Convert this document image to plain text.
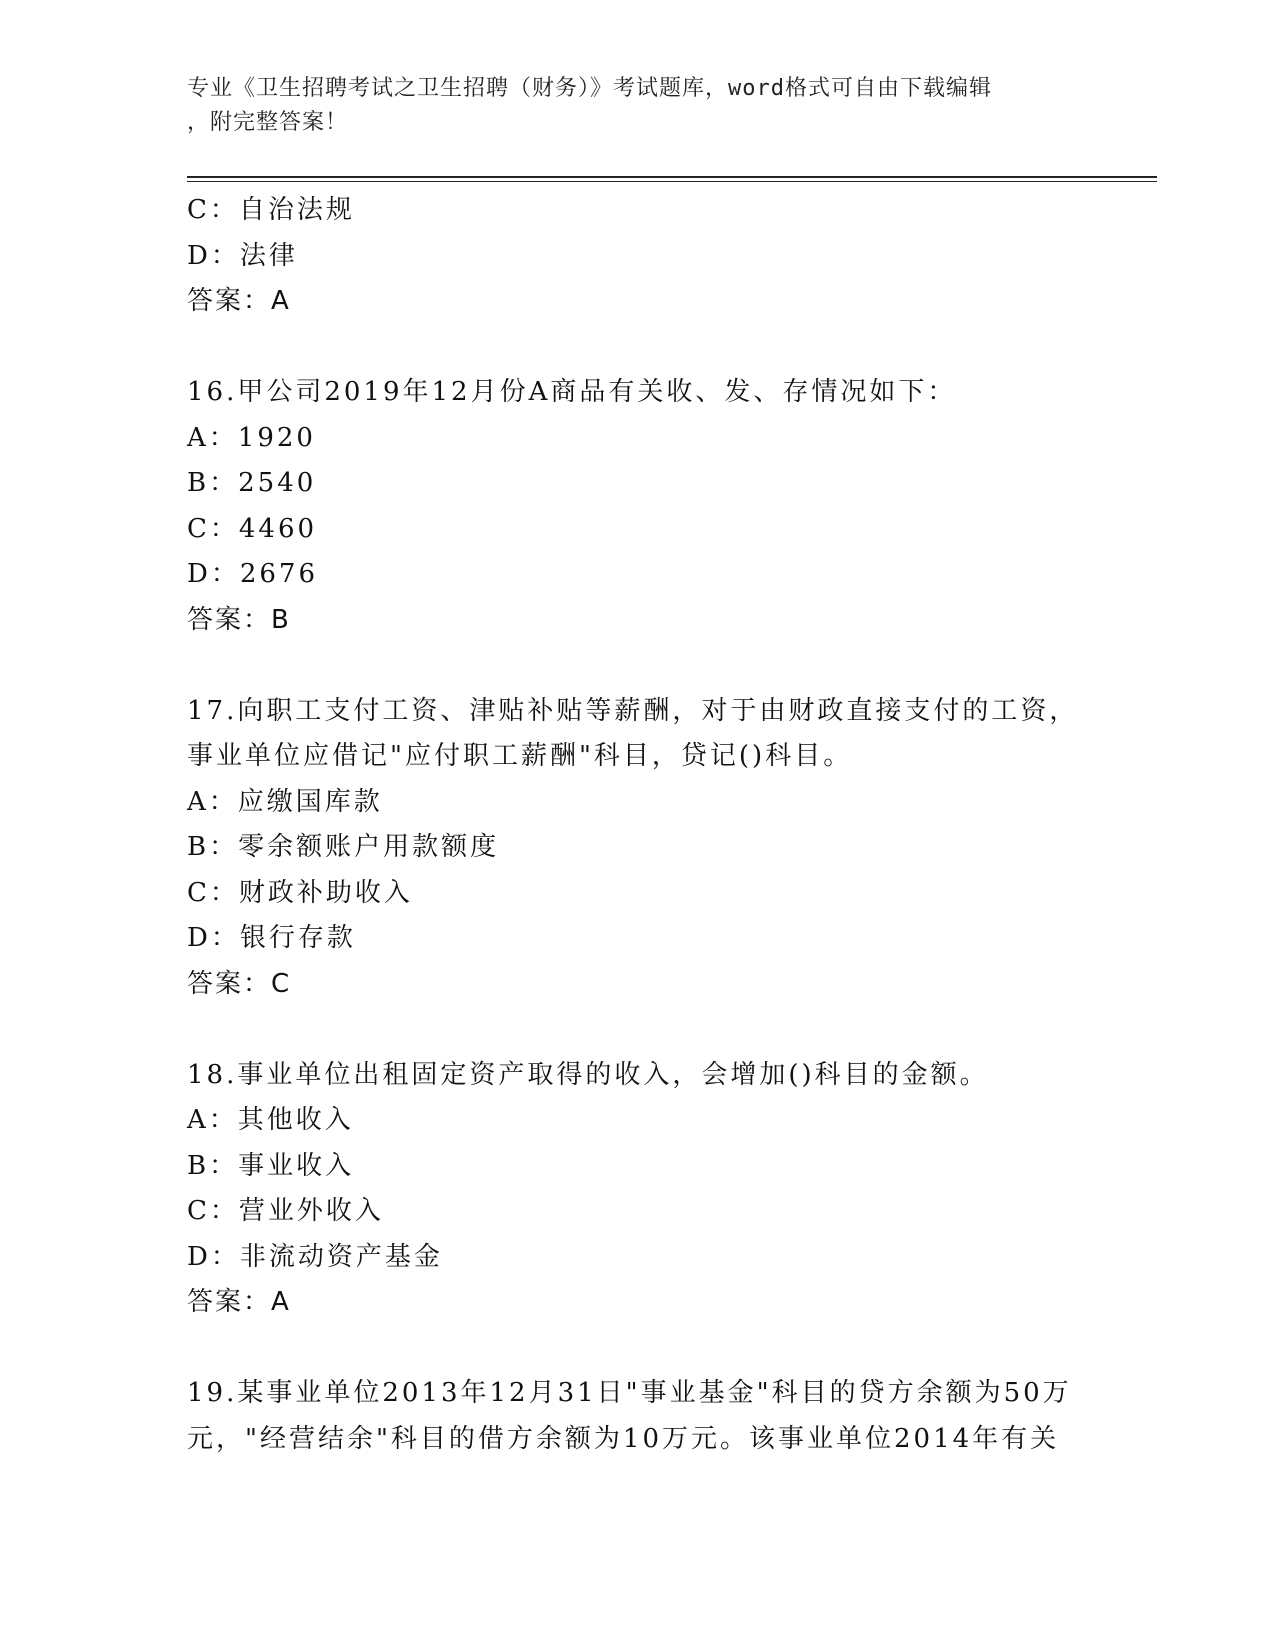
专业《卫生招聘考试之卫生招聘（财务）》考试题库，word格式可自由下载编辑
，附完整答案！
C：自治法规
D：法律
答案：A
16.甲公司2019年12月份A商品有关收、发、存情况如下：
A：1920
B：2540
C：4460
D：2676
答案：B
17.向职工支付工资、津贴补贴等薪酬，对于由财政直接支付的工资，
事业单位应借记"应付职工薪酬"科目，贷记()科目。
A：应缴国库款
B：零余额账户用款额度
C：财政补助收入
D：银行存款
答案：C
18.事业单位出租固定资产取得的收入，会增加()科目的金额。
A：其他收入
B：事业收入
C：营业外收入
D：非流动资产基金
答案：A
19.某事业单位2013年12月31日"事业基金"科目的贷方余额为50万
元，"经营结余"科目的借方余额为10万元。该事业单位2014年有关
